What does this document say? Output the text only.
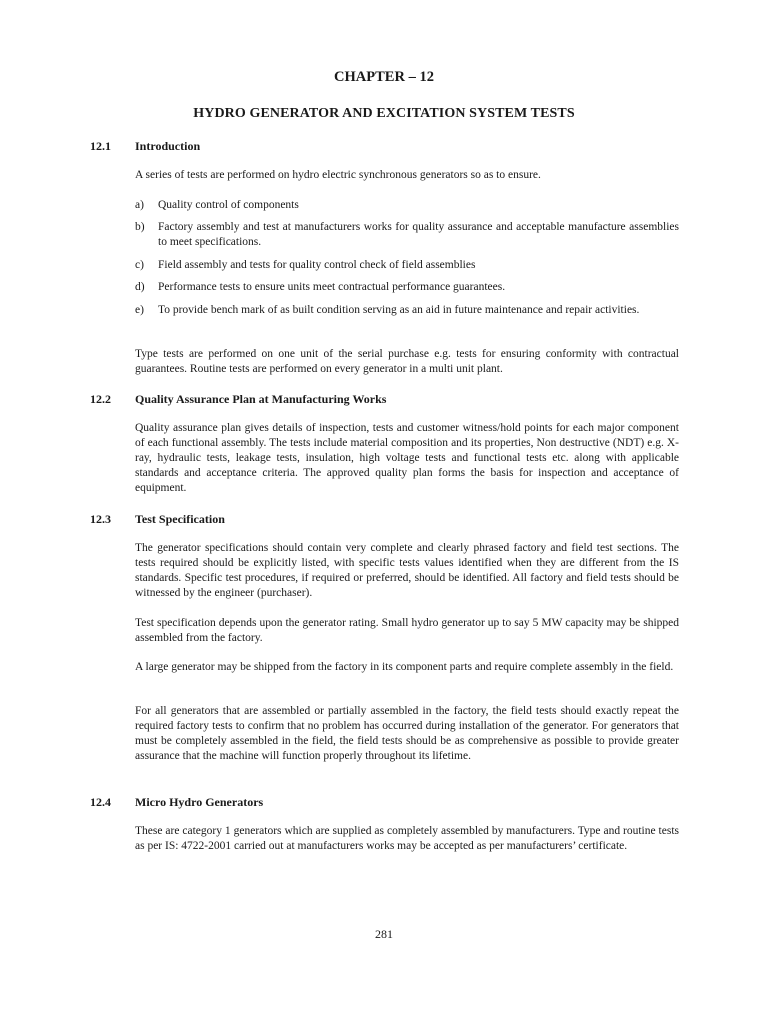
CHAPTER – 12
HYDRO GENERATOR AND EXCITATION SYSTEM TESTS
12.1 Introduction

A series of tests are performed on hydro electric synchronous generators so as to ensure.

a) Quality control of components
b) Factory assembly and test at manufacturers works for quality assurance and acceptable manufacture assemblies to meet specifications.
c) Field assembly and tests for quality control check of field assemblies
d) Performance tests to ensure units meet contractual performance guarantees.
e) To provide bench mark of as built condition serving as an aid in future maintenance and repair activities.

Type tests are performed on one unit of the serial purchase e.g. tests for ensuring conformity with contractual guarantees. Routine tests are performed on every generator in a multi unit plant.

12.2 Quality Assurance Plan at Manufacturing Works

Quality assurance plan gives details of inspection, tests and customer witness/hold points for each major component of each functional assembly. The tests include material composition and its properties, Non destructive (NDT) e.g. X-ray, hydraulic tests, leakage tests, insulation, high voltage tests and functional tests etc. along with applicable standards and acceptance criteria. The approved quality plan forms the basis for inspection and acceptance of equipment.

12.3 Test Specification

The generator specifications should contain very complete and clearly phrased factory and field test sections. The tests required should be explicitly listed, with specific tests values identified when they are different from the IS standards. Specific test procedures, if required or preferred, should be identified. All factory and field tests should be witnessed by the engineer (purchaser).

Test specification depends upon the generator rating. Small hydro generator up to say 5 MW capacity may be shipped assembled from the factory.

A large generator may be shipped from the factory in its component parts and require complete assembly in the field.

For all generators that are assembled or partially assembled in the factory, the field tests should exactly repeat the required factory tests to confirm that no problem has occurred during installation of the generator. For generators that must be completely assembled in the field, the field tests should be as comprehensive as possible to provide greater assurance that the machine will function properly throughout its lifetime.

12.4 Micro Hydro Generators

These are category 1 generators which are supplied as completely assembled by manufacturers. Type and routine tests as per IS: 4722-2001 carried out at manufacturers works may be accepted as per manufacturers’ certificate.

281
